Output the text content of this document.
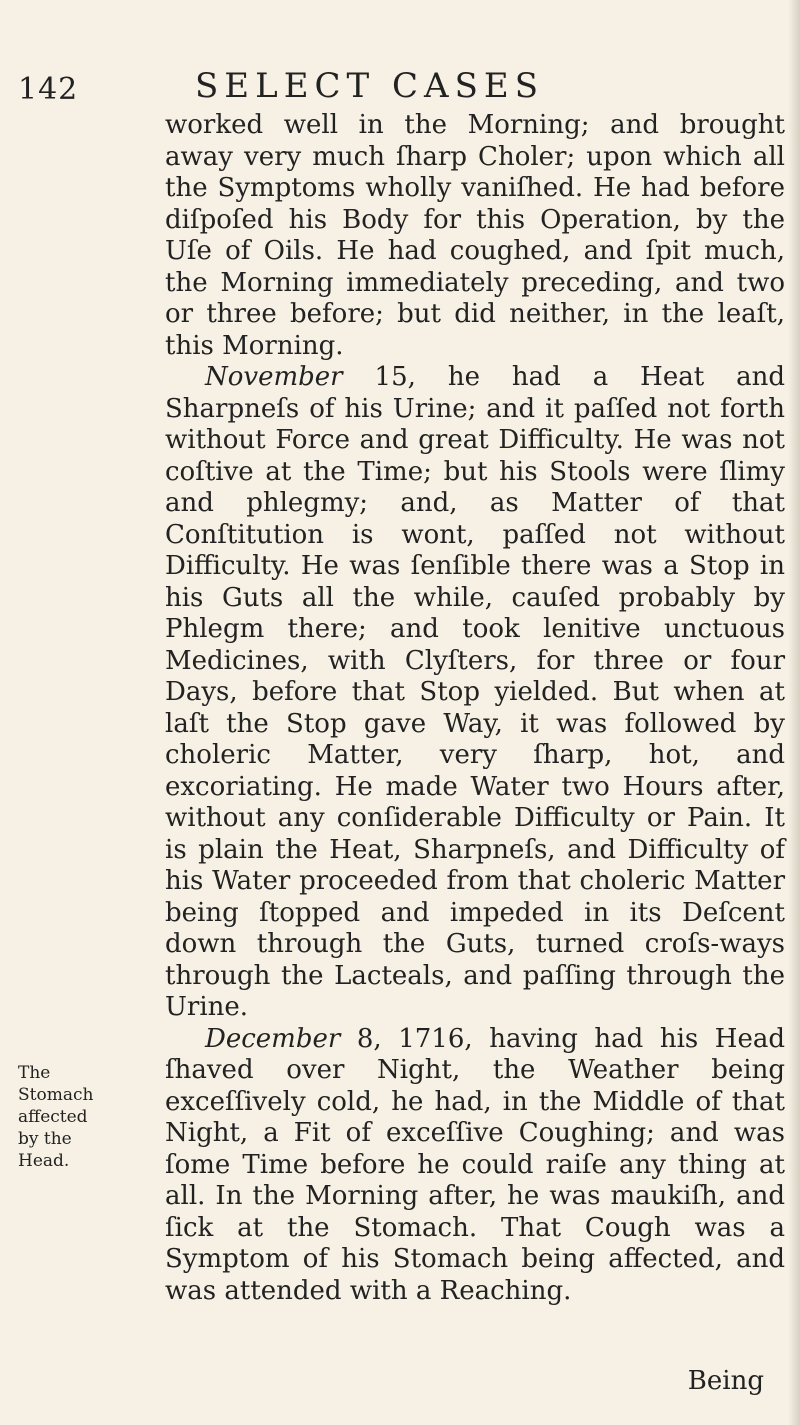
142	SELECT CASES

worked well in the Morning; and brought away very much ſharp Choler; upon which all the Symptoms wholly vaniſhed. He had before diſpoſed his Body for this Operation, by the Uſe of Oils. He had coughed, and ſpit much, the Morning immediately preceding, and two or three before; but did neither, in the leaſt, this Morning.

November 15, he had a Heat and Sharpneſs of his Urine; and it paſſed not forth without Force and great Difficulty. He was not coſtive at the Time; but his Stools were ſlimy and phlegmy; and, as Matter of that Conſtitution is wont, paſſed not without Difficulty. He was ſenſible there was a Stop in his Guts all the while, cauſed probably by Phlegm there; and took lenitive unctuous Medicines, with Clyſters, for three or four Days, before that Stop yielded. But when at laſt the Stop gave Way, it was followed by choleric Matter, very ſharp, hot, and excoriating. He made Water two Hours after, without any conſiderable Difficulty or Pain. It is plain the Heat, Sharpneſs, and Difficulty of his Water proceeded from that choleric Matter being ſtopped and impeded in its Deſcent down through the Guts, turned croſs-ways through the Lacteals, and paſſing through the Urine.

December 8, 1716, having had his Head ſhaved over Night, the Weather being exceſſively cold, he had, in the Middle of that Night, a Fit of exceſſive Coughing; and was ſome Time before he could raiſe any thing at all. In the Morning after, he was maukiſh, and ſick at the Stomach. That Cough was a Symptom of his Stomach being affected, and was attended with a Reaching.

The Stomach affected by the Head.
Being
